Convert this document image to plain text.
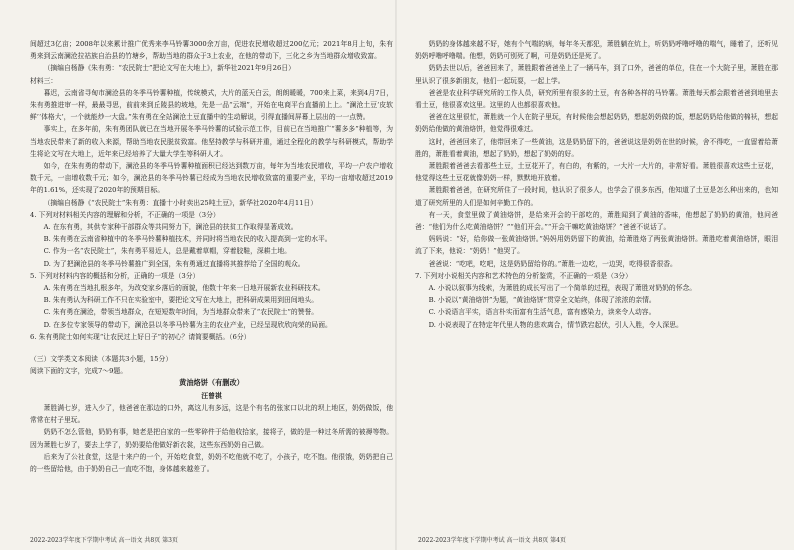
间超过3亿亩；2008年以来累计推广优秀来李马铃薯3000余万亩，促进农民增收超过200亿元；2021年8月上旬，朱有勇来到云南澜沧拉祜族自治县的竹塘乡，帮助当地的群众于3上农业，在他的带动下，三化之乡为当地群众增收致富。

（摘编自杨静《朱有勇：“农民院士”把论文写在大地上》，新华社2021年9月26日）

材料三：

暮迟，云南省寻甸市澜沧县的冬季马铃薯种植，传统模式，大片的蓝天白云，朗朗暖暖，700来上菜，来到4月7日，朱有勇推进审一样，最最寻思，前前来到丘陵县的坡地，先是一品“云端”，开始在电商平台直播前上上。“澜沧土豆‘皮软鲜’‘体格大’，一个就能炒一大盘。”朱有勇在全站澜沧土豆直播中的生动解说，引得直播间屏幕上层出的一一点赞。

事实上，在多年前，朱有勇团队就已在当地开展冬季马铃薯的试验示范工作，目前已在当地推广“薯多多”种植等，为当地农民带来了新的收入来源，帮助当地农民脱贫致富。他坚持教学与科研并重，通过全程化的教学与科研模式，帮助学生将论文写在大地上，近年来已经培养了大量大学生等科研人才。

如今，在朱有勇的带动下，澜沧县的冬季马铃薯种植面积已经达到数万亩，每年为当地农民增收，平均一户农户增收数千元，一亩增收数千元；如今，澜沧县的冬季马铃薯已经成为当地农民增收致富的重要产业，平均一亩增收超过2019年的1.61%，还实现了2020年的预期目标。

（摘编自杨静《“农民院士”朱有勇：直播十小时卖出25吨土豆》，新华社2020年4月11日）

4. 下列对材料相关内容的理解和分析，不正确的一项是（3分）

A. 在东有勇，其供专家种干部群众等共同努力下，澜沧县的扶贫工作取得显著成效。

B. 朱有勇在云南省种植中的冬季马铃薯种植技术，并同时将当地农民的收入提高到一定的水平。

C. 作为一名“农民院士”，朱有勇平易近人，总是戴着草帽，穿着胶鞋，深耕土地。

D. 为了把澜沧县的冬季马铃薯推广到全国，朱有勇通过直播将其推荐给了全国的观众。

5. 下列对材料内容的概括和分析，正确的一项是（3分）

A. 朱有勇在当地扎根多年，为改变家乡落后的面貌，他数十年来一日地开展新农业科研技术。

B. 朱有勇认为科研工作不只在实验室中，要把论文写在大地上，把科研成果用到田间地头。

C. 朱有勇在澜沧，带领当地群众，在短短数年时间，为当地群众带来了“农民院士”的赞誉。

D. 在多位专家领导的带动下，澜沧县以冬季马铃薯为主的农业产业，已经呈现欣欣向荣的局面。

6. 朱有勇院士如何实现“让农民过上好日子”的初心？请简要概括。（6分）

（三）文学类文本阅读（本题共3小题，15分）

阅读下面的文字，完成7～9题。

黄油烙饼（有删改）

汪曾祺

萧胜满七岁，进入少了，他爸爸在那边的口外，离这儿有多远，这是个有名的张家口以北的坝上地区，奶奶做饭，他常常在村子里玩。

奶奶不怎么管他，奶奶有事，她老是把自家的一些零碎件于给他收拾家，接将子，做的是一种过冬所需的被褥等物。因为萧胜七岁了，要去上学了，奶奶要给他做好新衣裳，这些东西奶奶自己做。

后来为了公社食堂，这是十来户的一个，开始吃食堂，奶奶不吃他就不吃了，小孩子，吃不饱。他很饿，奶奶把自己的一些留给他，由于奶奶自己一直吃不饱，身体越来越差了。

奶奶的身体越来越不好，她有个气喘的病，每年冬天都犯，萧胜躺在炕上，听奶奶呼噜呼噜的喘气，睡着了，还听见奶奶呼噜呼噜喘。他想，奶奶可别死了啊，可是奶奶还是死了。

奶奶去世以后，爸爸回来了，萧胜跟着爸爸坐上了一辆马车，到了口外，爸爸的单位，住在一个大院子里，萧胜在那里认识了很多新朋友，他们一起玩耍，一起上学。

爸爸是农业科学研究所的工作人员，研究所里有很多的土豆，有各种各样的马铃薯。萧胜每天都会跟着爸爸到地里去看土豆，他很喜欢这里。这里的人也都很喜欢他。

爸爸在这里很忙，萧胜就一个人在院子里玩，有时候他会想起奶奶，想起奶奶做的饭，想起奶奶给他做的棉袄，想起奶奶给他做的黄油烙饼，他觉得很难过。

这时，爸爸回来了，他带回来了一些黄油，这是奶奶留下的，爸爸说这是奶奶在世的时候，舍不得吃，一直留着给萧胜的，萧胜看着黄油，想起了奶奶，想起了奶奶的好。

萧胜跟着爸爸去看那些土豆，土豆花开了，有白的，有紫的，一大片一大片的，非常好看。萧胜很喜欢这些土豆花，他觉得这些土豆花就像奶奶一样，默默地开放着。

萧胜跟着爸爸，在研究所住了一段时间，他认识了很多人，也学会了很多东西，他知道了土豆是怎么种出来的，也知道了研究所里的人们是如何辛勤工作的。

有一天，食堂里做了黄油烙饼，是给来开会的干部吃的，萧胜闻到了黄油的香味，他想起了奶奶的黄油，他问爸爸：“他们为什么吃黄油烙饼？”“他们开会。”“开会干嘛吃黄油烙饼？”爸爸不说话了。

妈妈说：“好，给你做一张黄油烙饼。”妈妈用奶奶留下的黄油，给萧胜烙了两张黄油烙饼。萧胜吃着黄油烙饼，眼泪流了下来，他说：“奶奶！”他哭了。

爸爸说：“吃吧，吃吧，这是奶奶留给你的。”萧胜一边吃，一边哭，吃得很香很香。

7. 下列对小说相关内容和艺术特色的分析鉴赏，不正确的一项是（3分）

A. 小说以叙事为线索，为萧胜的成长写出了一个简单的过程，表现了萧胜对奶奶的怀念。

B. 小说以“黄油烙饼”为题，“黄油烙饼”贯穿全文始终，体现了浓浓的亲情。

C. 小说语言平实，语言朴实而富有生活气息，富有感染力，读来令人动容。

D. 小说表现了在特定年代里人物的悲欢离合，情节跌宕起伏，引人入胜，令人深思。

2022-2023学年度下学期中考试 高一语文 共8页 第3页	2022-2023学年度下学期中考试 高一语文 共8页 第4页
